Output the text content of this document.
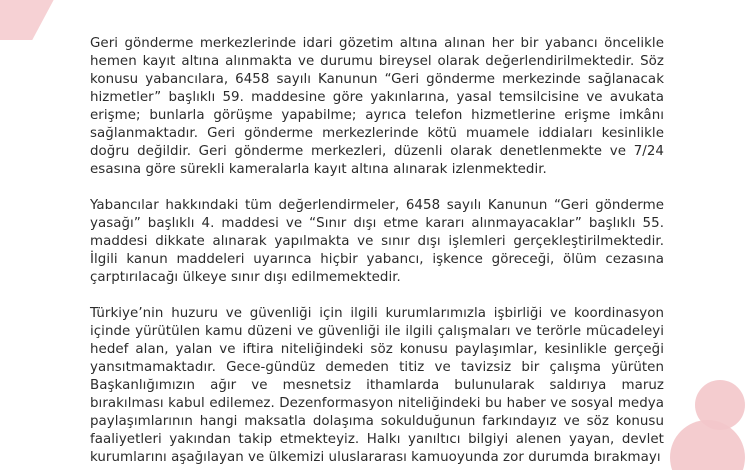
Geri gönderme merkezlerinde idari gözetim altına alınan her bir yabancı öncelikle hemen kayıt altına alınmakta ve durumu bireysel olarak değerlendirilmektedir. Söz konusu yabancılara, 6458 sayılı Kanunun “Geri gönderme merkezinde sağlanacak hizmetler” başlıklı 59. maddesine göre yakınlarına, yasal temsilcisine ve avukata erişme; bunlarla görüşme yapabilme; ayrıca telefon hizmetlerine erişme imkânı sağlanmaktadır. Geri gönderme merkezlerinde kötü muamele iddiaları kesinlikle doğru değildir. Geri gönderme merkezleri, düzenli olarak denetlenmekte ve 7/24 esasına göre sürekli kameralarla kayıt altına alınarak izlenmektedir.

Yabancılar hakkındaki tüm değerlendirmeler, 6458 sayılı Kanunun “Geri gönderme yasağı” başlıklı 4. maddesi ve “Sınır dışı etme kararı alınmayacaklar” başlıklı 55. maddesi dikkate alınarak yapılmakta ve sınır dışı işlemleri gerçekleştirilmektedir. İlgili kanun maddeleri uyarınca hiçbir yabancı, işkence göreceği, ölüm cezasına çarptırılacağı ülkeye sınır dışı edilmemektedir.

Türkiye’nin huzuru ve güvenliği için ilgili kurumlarımızla işbirliği ve koordinasyon içinde yürütülen kamu düzeni ve güvenliği ile ilgili çalışmaları ve terörle mücadeleyi hedef alan, yalan ve iftira niteliğindeki söz konusu paylaşımlar, kesinlikle gerçeği yansıtmamaktadır. Gece-gündüz demeden titiz ve tavizsiz bir çalışma yürüten Başkanlığımızın ağır ve mesnetsiz ithamlarda bulunularak saldırıya maruz bırakılması kabul edilemez. Dezenformasyon niteliğindeki bu haber ve sosyal medya paylaşımlarının hangi maksatla dolaşıma sokulduğunun farkındayız ve söz konusu faaliyetleri yakından takip etmekteyiz. Halkı yanıltıcı bilgiyi alenen yayan, devlet kurumlarını aşağılayan ve ülkemizi uluslararası kamuoyunda zor durumda bırakmayı
